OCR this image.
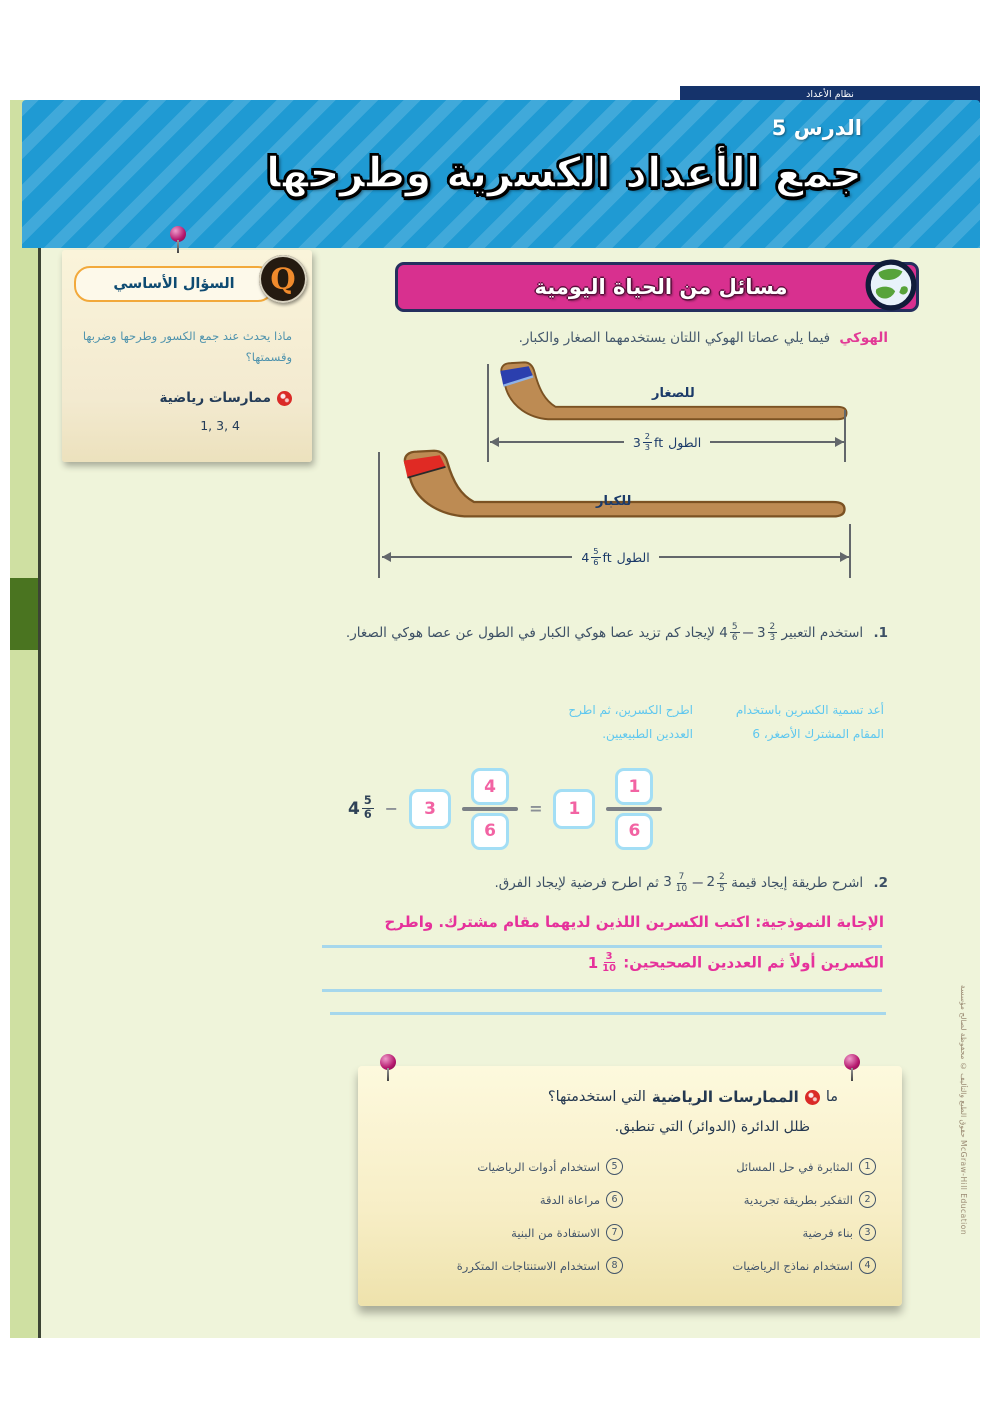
نظام الأعداد
الدرس 5
جمع الأعداد الكسرية وطرحها
السؤال الأساسي	Q
ماذا يحدث عند جمع الكسور وطرحها وضربها وقسمتها؟
ممارسات رياضية
1, 3, 4
مسائل من الحياة اليومية
الهوكي فيما يلي عصاتا الهوكي اللتان يستخدمهما الصغار والكبار.
للصغار
الطول
$3 \frac{2}{3}$ ft
للكبار
الطول
$4 \frac{5}{6}$ ft
1. استخدم التعبير
$4 \frac{5}{6} - 3 \frac{2}{3}$
لإيجاد كم تزيد عصا هوكي الكبار في الطول عن عصا هوكي الصغار.
أعد تسمية الكسرين باستخدام المقام المشترك الأصغر، 6
اطرح الكسرين، ثم اطرح العددين الطبيعيين.
$4 \frac{5}{6}$ −	3	$\frac{4}{6}$ =	1	$\frac{1}{6}$
2. اشرح طريقة إيجاد قيمة
$3 \frac{7}{10} - 2 \frac{2}{5}$
ثم اطرح فرضية لإيجاد الفرق.
الإجابة النموذجية: اكتب الكسرين اللذين لديهما مقام مشترك. واطرح
الكسرين أولاً ثم العددين الصحيحين:
$1 \frac{3}{10}$
ما
الممارسات الرياضية
التي استخدمتها؟
ظلل الدائرة (الدوائر) التي تنطبق.
1
المثابرة في حل المسائل
2
التفكير بطريقة تجريدية
3
بناء فرضية
4
استخدام نماذج الرياضيات
5
استخدام أدوات الرياضيات
6
مراعاة الدقة
7
الاستفادة من البنية
8
استخدام الاستنتاجات المتكررة
حقوق الطبع والتأليف © محفوظة لصالح مؤسسة McGraw-Hill Education
